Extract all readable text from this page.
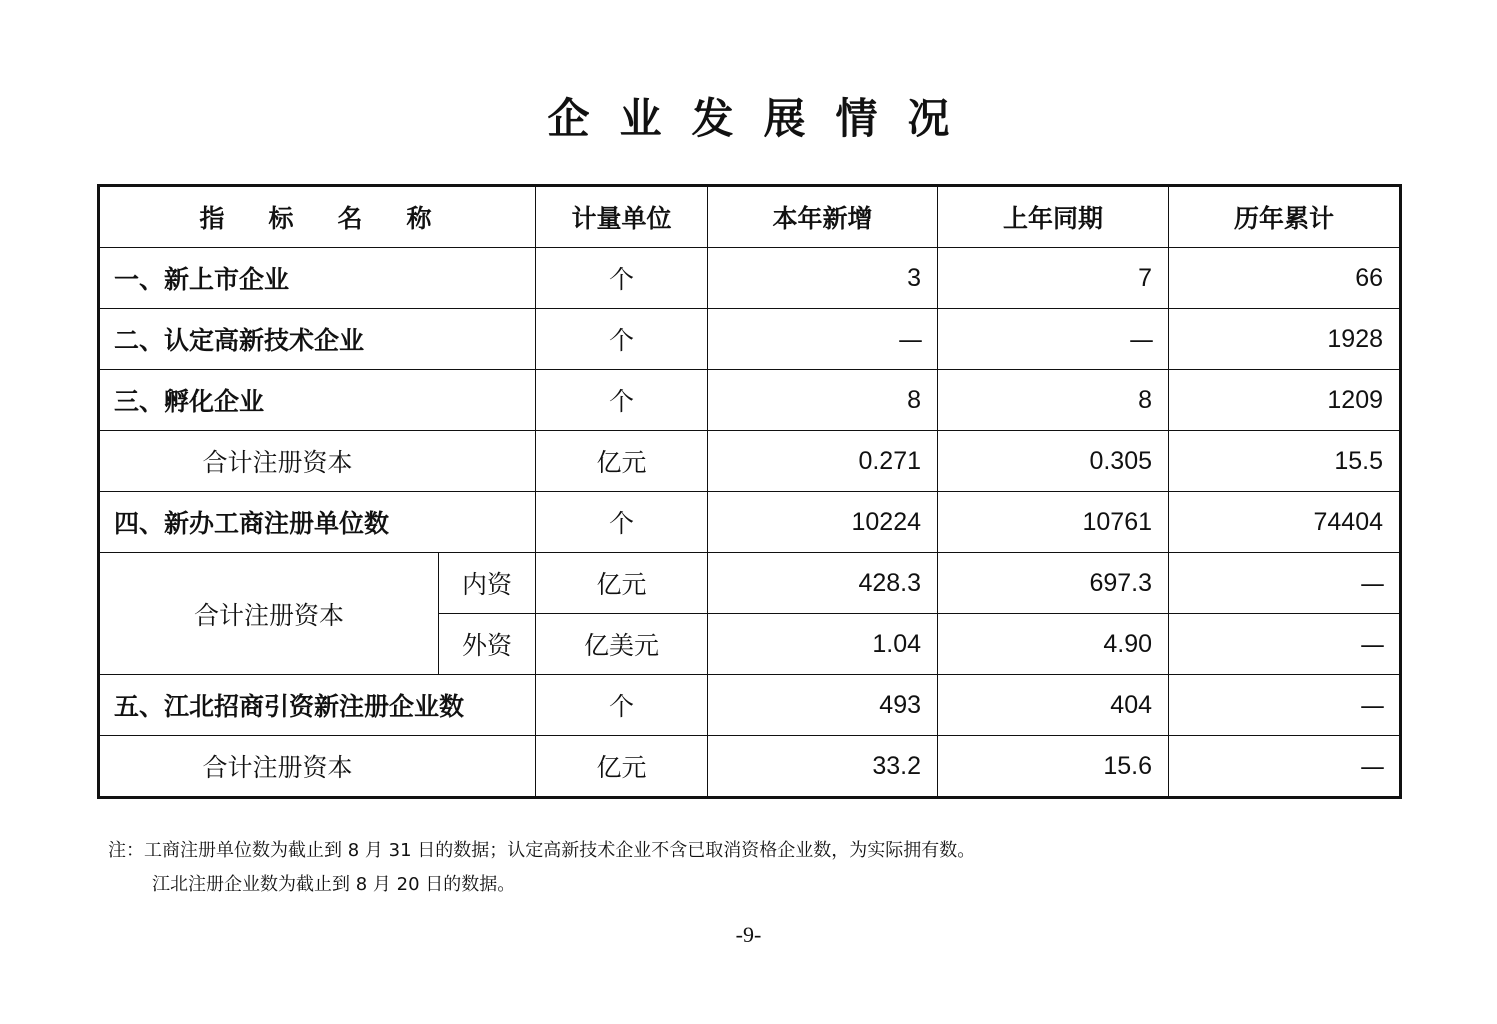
企业发展情况
指标名称		计量单位	本年新增	上年同期	历年累计
一、新上市企业		个	3	7	66
二、认定高新技术企业		个	—	—	1928
三、孵化企业		个	8	8	1209
合计注册资本		亿元	0.271	0.305	15.5
四、新办工商注册单位数		个	10224	10761	74404
合计注册资本	内资	亿元	428.3	697.3	—
	外资	亿美元	1.04	4.90	—
五、江北招商引资新注册企业数		个	493	404	—
合计注册资本		亿元	33.2	15.6	—
注：工商注册单位数为截止到 8 月 31 日的数据；认定高新技术企业不含已取消资格企业数，为实际拥有数。
江北注册企业数为截止到 8 月 20 日的数据。
-9-
